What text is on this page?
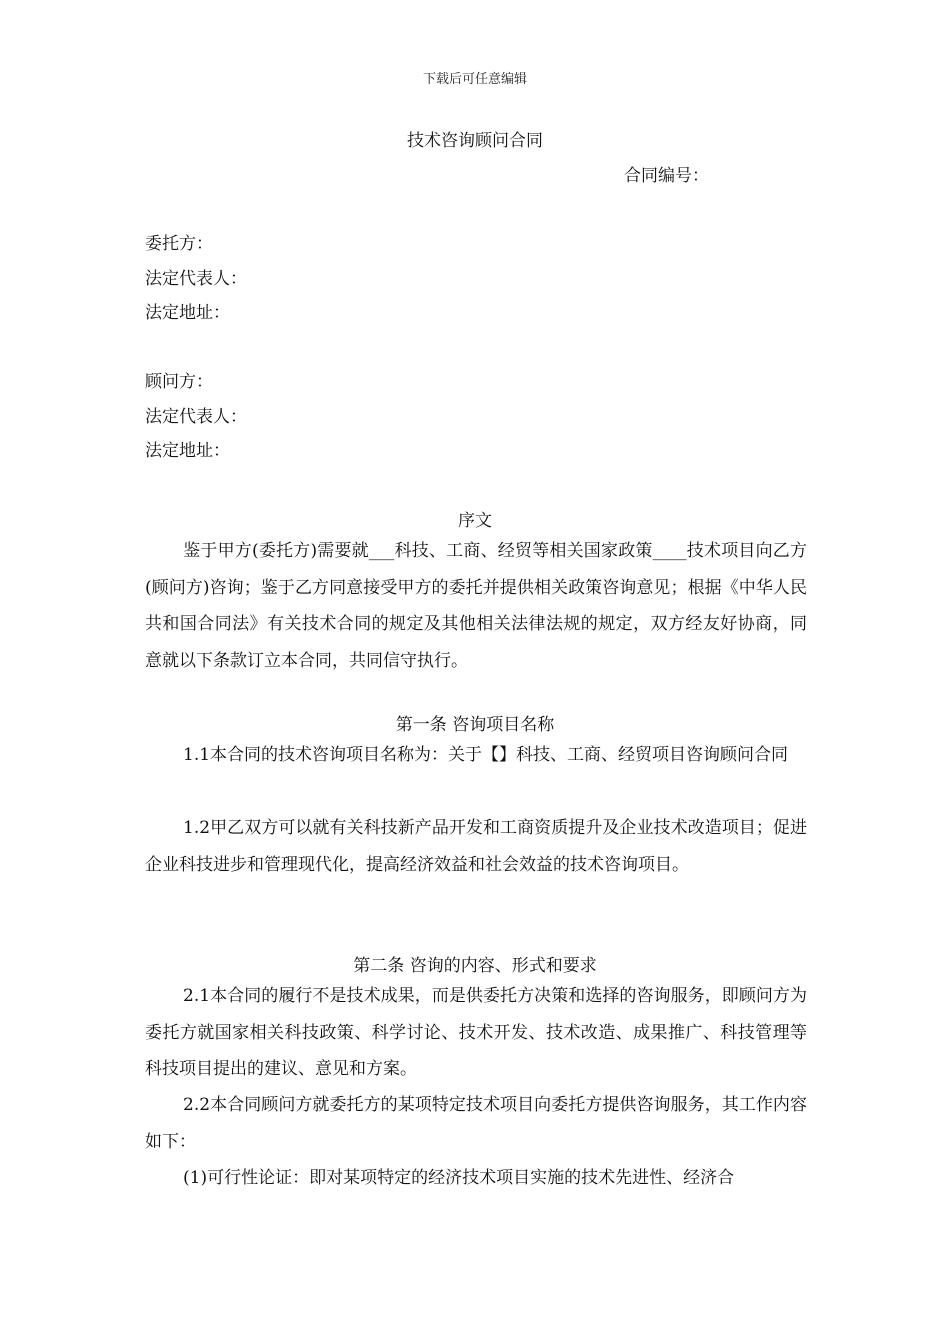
下载后可任意编辑
技术咨询顾问合同
合同编号：
委托方：
法定代表人：
法定地址：
顾问方：
法定代表人：
法定地址：
序文

鉴于甲方(委托方)需要就___科技、工商、经贸等相关国家政策____技术项目向乙方(顾问方)咨询；鉴于乙方同意接受甲方的委托并提供相关政策咨询意见；根据《中华人民共和国合同法》有关技术合同的规定及其他相关法律法规的规定，双方经友好协商，同意就以下条款订立本合同，共同信守执行。

第一条 咨询项目名称

1.1本合同的技术咨询项目名称为：关于【】科技、工商、经贸项目咨询顾问合同

1.2甲乙双方可以就有关科技新产品开发和工商资质提升及企业技术改造项目；促进企业科技进步和管理现代化，提高经济效益和社会效益的技术咨询项目。

第二条 咨询的内容、形式和要求

2.1本合同的履行不是技术成果，而是供委托方决策和选择的咨询服务，即顾问方为委托方就国家相关科技政策、科学讨论、技术开发、技术改造、成果推广、科技管理等科技项目提出的建议、意见和方案。

2.2本合同顾问方就委托方的某项特定技术项目向委托方提供咨询服务，其工作内容如下：

(1)可行性论证：即对某项特定的经济技术项目实施的技术先进性、经济合
